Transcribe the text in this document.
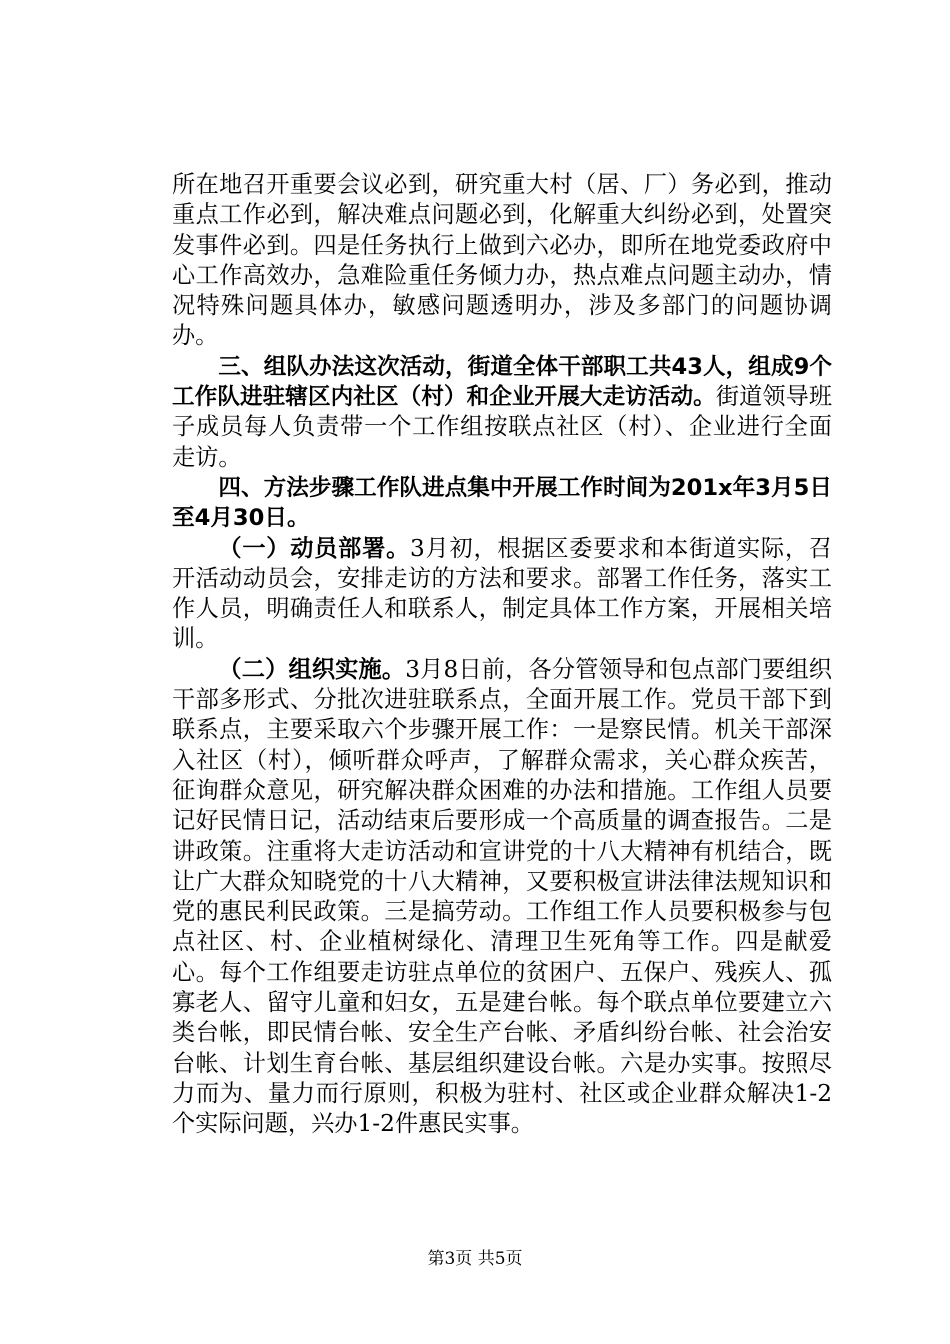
所在地召开重要会议必到，研究重大村（居、厂）务必到，推动重点工作必到，解决难点问题必到，化解重大纠纷必到，处置突发事件必到。四是任务执行上做到六必办，即所在地党委政府中心工作高效办，急难险重任务倾力办，热点难点问题主动办，情况特殊问题具体办，敏感问题透明办，涉及多部门的问题协调办。

三、组队办法这次活动，街道全体干部职工共43人，组成9个工作队进驻辖区内社区（村）和企业开展大走访活动。街道领导班子成员每人负责带一个工作组按联点社区（村）、企业进行全面走访。

四、方法步骤工作队进点集中开展工作时间为201x年3月5日至4月30日。

（一）动员部署。3月初，根据区委要求和本街道实际，召开活动动员会，安排走访的方法和要求。部署工作任务，落实工作人员，明确责任人和联系人，制定具体工作方案，开展相关培训。

（二）组织实施。3月8日前，各分管领导和包点部门要组织干部多形式、分批次进驻联系点，全面开展工作。党员干部下到联系点，主要采取六个步骤开展工作：一是察民情。机关干部深入社区（村），倾听群众呼声，了解群众需求，关心群众疾苦，征询群众意见，研究解决群众困难的办法和措施。工作组人员要记好民情日记，活动结束后要形成一个高质量的调查报告。二是讲政策。注重将大走访活动和宣讲党的十八大精神有机结合，既让广大群众知晓党的十八大精神，又要积极宣讲法律法规知识和党的惠民利民政策。三是搞劳动。工作组工作人员要积极参与包点社区、村、企业植树绿化、清理卫生死角等工作。四是献爱心。每个工作组要走访驻点单位的贫困户、五保户、残疾人、孤寡老人、留守儿童和妇女，五是建台帐。每个联点单位要建立六类台帐，即民情台帐、安全生产台帐、矛盾纠纷台帐、社会治安台帐、计划生育台帐、基层组织建设台帐。六是办实事。按照尽力而为、量力而行原则，积极为驻村、社区或企业群众解决1-2个实际问题，兴办1-2件惠民实事。

第3页 共5页
